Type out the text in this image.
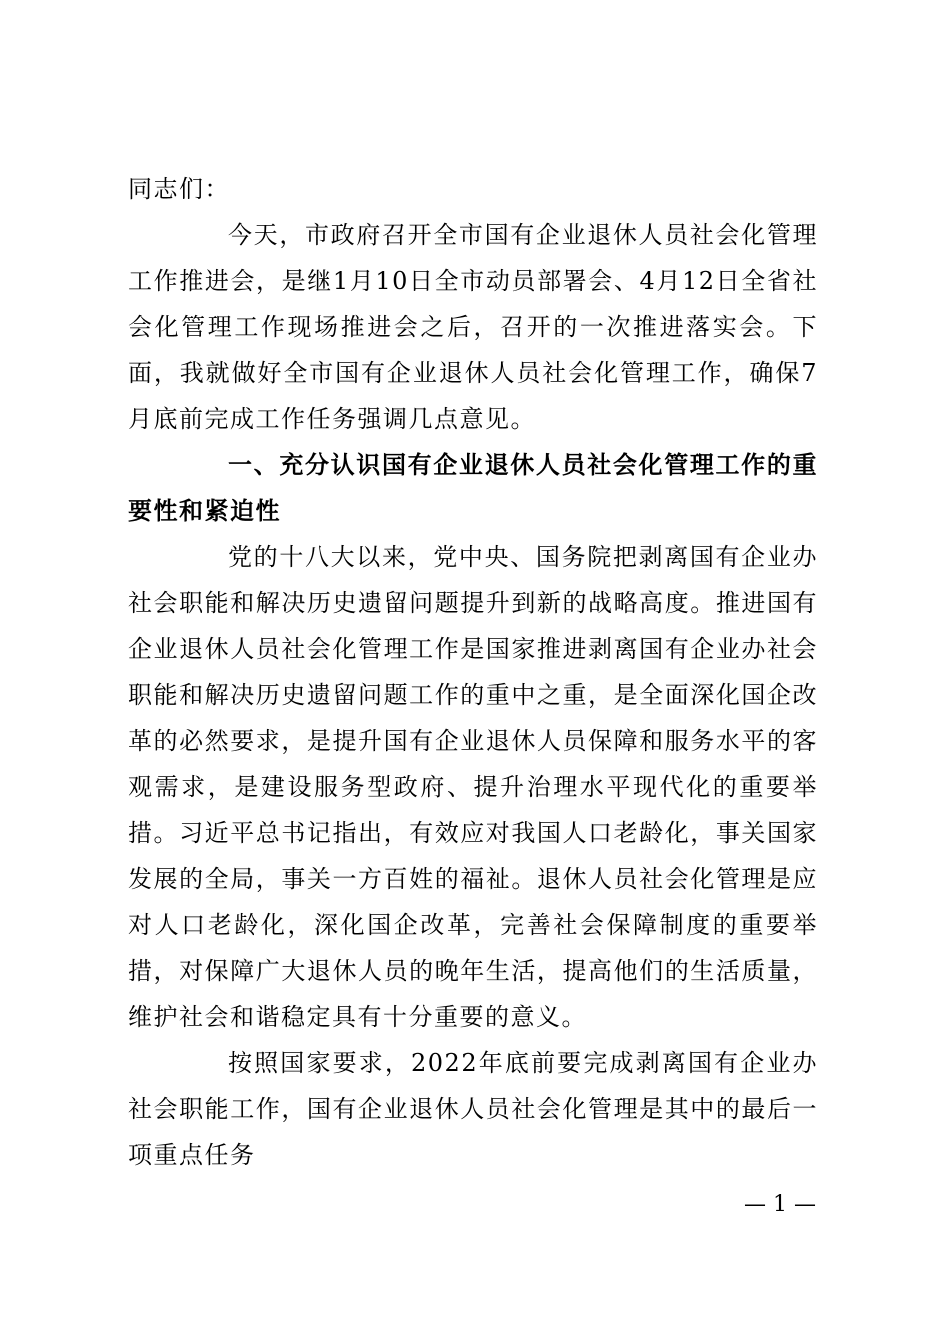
同志们：

今天，市政府召开全市国有企业退休人员社会化管理工作推进会，是继1月10日全市动员部署会、4月12日全省社会化管理工作现场推进会之后，召开的一次推进落实会。下面，我就做好全市国有企业退休人员社会化管理工作，确保7月底前完成工作任务强调几点意见。

一、充分认识国有企业退休人员社会化管理工作的重要性和紧迫性

党的十八大以来，党中央、国务院把剥离国有企业办社会职能和解决历史遗留问题提升到新的战略高度。推进国有企业退休人员社会化管理工作是国家推进剥离国有企业办社会职能和解决历史遗留问题工作的重中之重，是全面深化国企改革的必然要求，是提升国有企业退休人员保障和服务水平的客观需求，是建设服务型政府、提升治理水平现代化的重要举措。习近平总书记指出，有效应对我国人口老龄化，事关国家发展的全局，事关一方百姓的福祉。退休人员社会化管理是应对人口老龄化，深化国企改革，完善社会保障制度的重要举措，对保障广大退休人员的晚年生活，提高他们的生活质量，维护社会和谐稳定具有十分重要的意义。

按照国家要求，2022年底前要完成剥离国有企业办社会职能工作，国有企业退休人员社会化管理是其中的最后一项重点任务

— 1 —
